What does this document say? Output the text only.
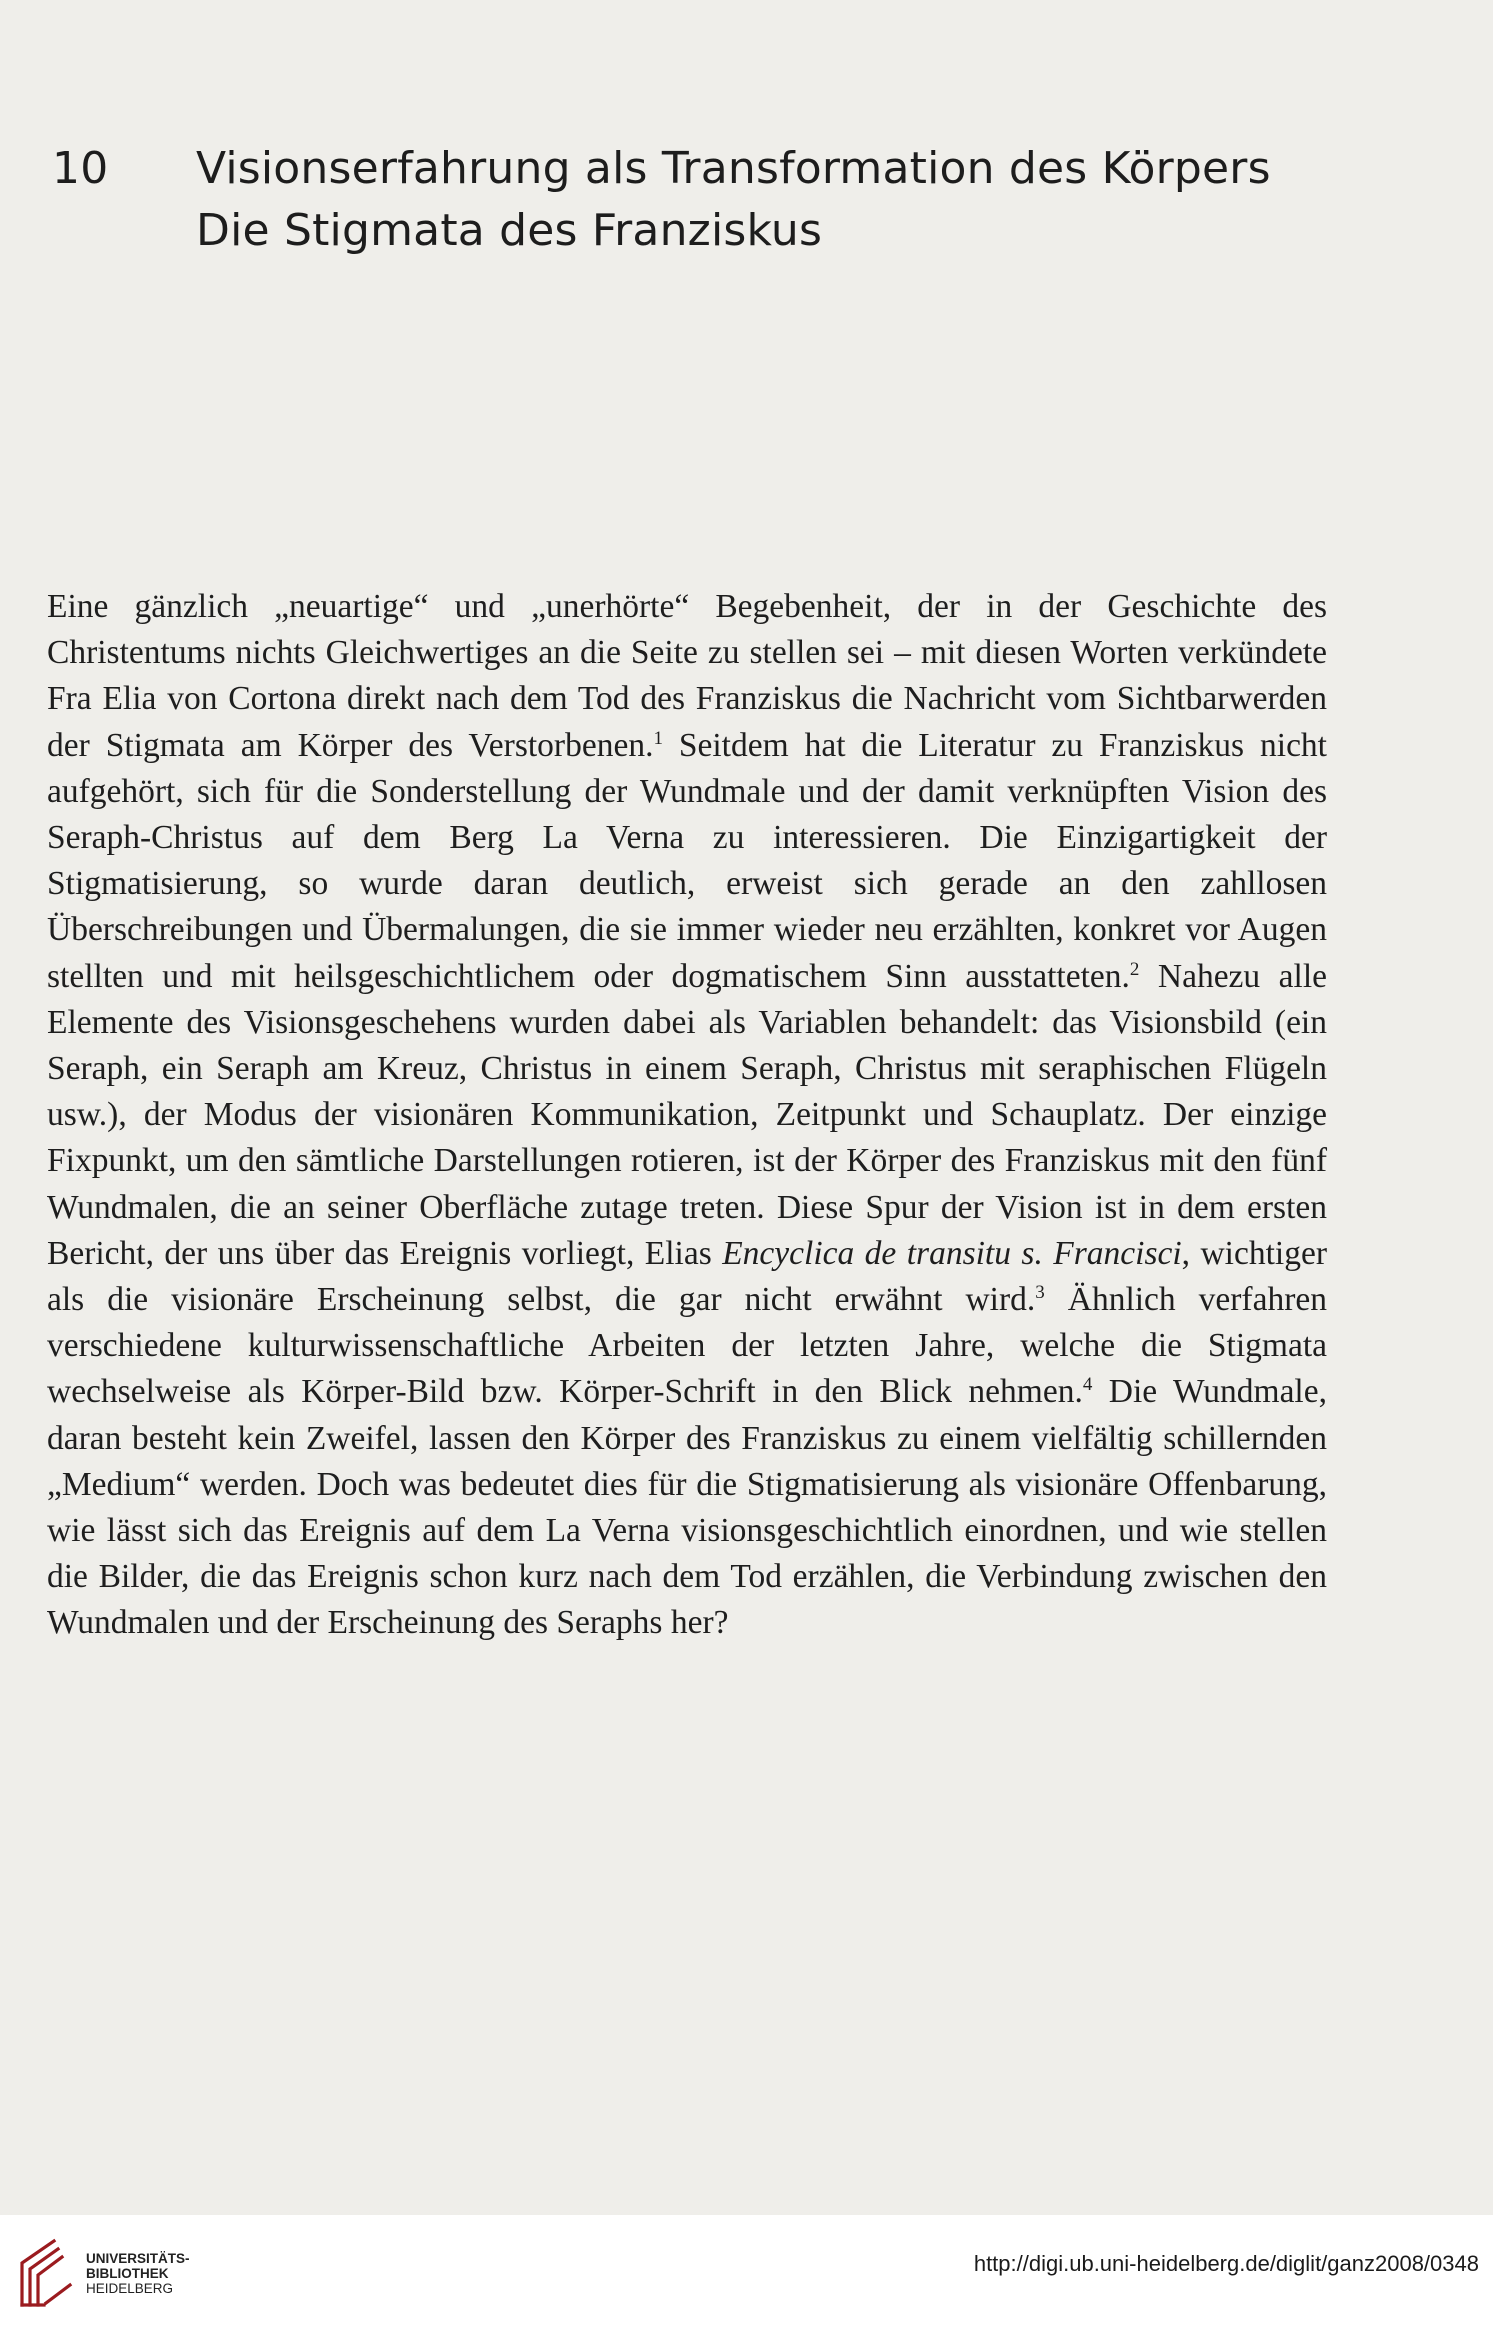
10 Visionserfahrung als Transformation des Körpers
Die Stigmata des Franziskus

Eine gänzlich „neuartige“ und „unerhörte“ Begebenheit, der in der Geschichte des Christentums nichts Gleichwertiges an die Seite zu stellen sei – mit diesen Worten verkündete Fra Elia von Cortona direkt nach dem Tod des Franziskus die Nachricht vom Sichtbarwerden der Stigmata am Körper des Verstorbenen.$^1$ Seitdem hat die Literatur zu Franziskus nicht aufgehört, sich für die Sonderstellung der Wundmale und der damit verknüpften Vision des Seraph-Christus auf dem Berg La Verna zu interessieren. Die Einzigartigkeit der Stigmatisierung, so wurde daran deutlich, erweist sich gerade an den zahllosen Überschreibungen und Übermalungen, die sie immer wieder neu erzählten, konkret vor Augen stellten und mit heilsgeschichtlichem oder dogmatischem Sinn ausstatteten.$^2$ Nahezu alle Elemente des Visionsgeschehens wurden dabei als Variablen behandelt: das Visionsbild (ein Seraph, ein Seraph am Kreuz, Christus in einem Seraph, Christus mit seraphischen Flügeln usw.), der Modus der visionären Kommunikation, Zeitpunkt und Schauplatz. Der einzige Fixpunkt, um den sämtliche Darstellungen rotieren, ist der Körper des Franziskus mit den fünf Wundmalen, die an seiner Oberfläche zutage treten. Diese Spur der Vision ist in dem ersten Bericht, der uns über das Ereignis vorliegt, Elias Encyclica de transitu s. Francisci, wichtiger als die visionäre Erscheinung selbst, die gar nicht erwähnt wird.$^3$ Ähnlich verfahren verschiedene kulturwissenschaftliche Arbeiten der letzten Jahre, welche die Stigmata wechselweise als Körper-Bild bzw. Körper-Schrift in den Blick nehmen.$^4$ Die Wundmale, daran besteht kein Zweifel, lassen den Körper des Franziskus zu einem vielfältig schillernden „Medium“ werden. Doch was bedeutet dies für die Stigmatisierung als visionäre Offenbarung, wie lässt sich das Ereignis auf dem La Verna visionsgeschichtlich einordnen, und wie stellen die Bilder, die das Ereignis schon kurz nach dem Tod erzählen, die Verbindung zwischen den Wundmalen und der Erscheinung des Seraphs her?

UNIVERSITÄTS-
BIBLIOTHEK
HEIDELBERG
http://digi.ub.uni-heidelberg.de/diglit/ganz2008/0348
